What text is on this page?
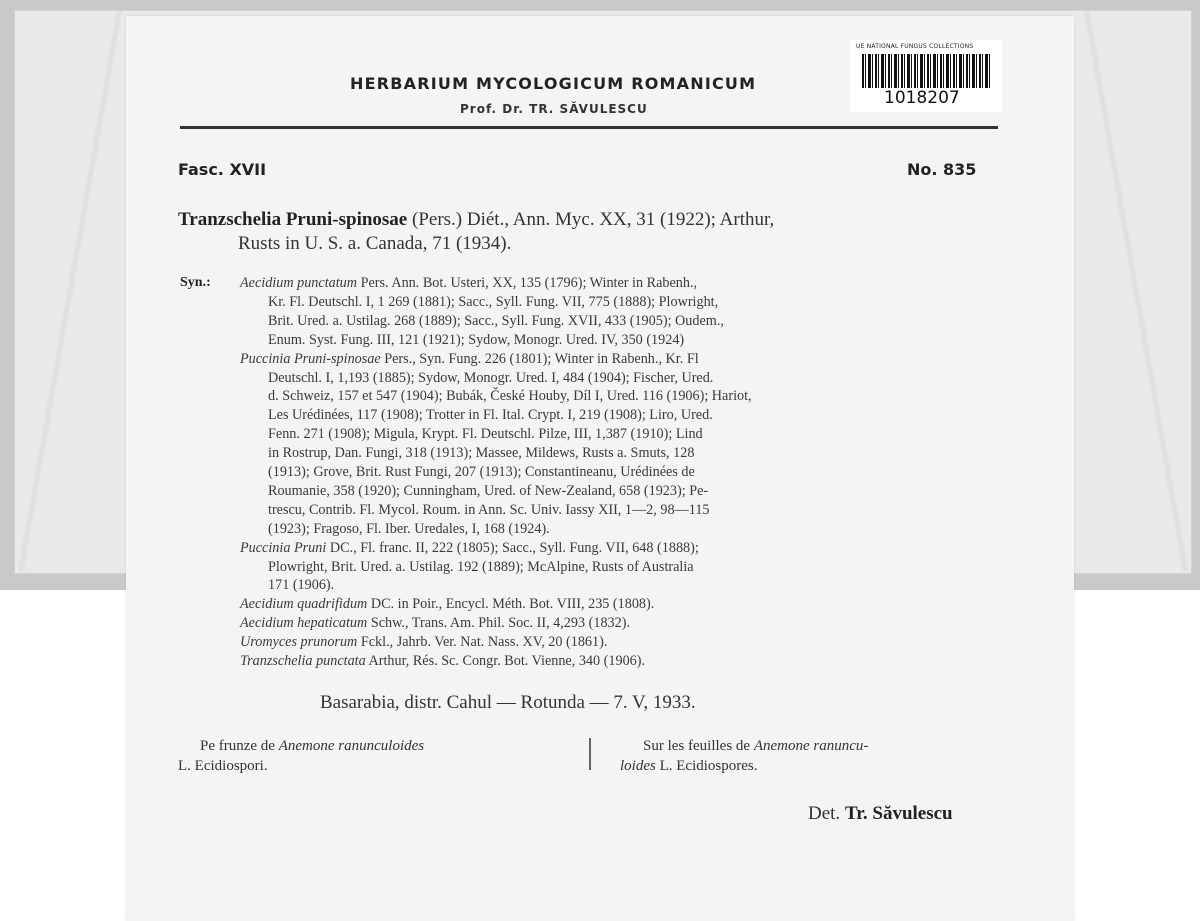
HERBARIUM MYCOLOGICUM ROMANICUM
Prof. Dr. TR. SĂVULESCU
UE NATIONAL FUNGUS COLLECTIONS
1018207
Fasc. XVII	No. 835
Tranzschelia Pruni-spinosae (Pers.) Diét., Ann. Myc. XX, 31 (1922); Arthur,
Rusts in U. S. a. Canada, 71 (1934).
Syn.: Aecidium punctatum Pers. Ann. Bot. Usteri, XX, 135 (1796); Winter in Rabenh.,
Kr. Fl. Deutschl. I, 1 269 (1881); Sacc., Syll. Fung. VII, 775 (1888); Plowright,
Brit. Ured. a. Ustilag. 268 (1889); Sacc., Syll. Fung. XVII, 433 (1905); Oudem.,
Enum. Syst. Fung. III, 121 (1921); Sydow, Monogr. Ured. IV, 350 (1924)
Puccinia Pruni-spinosae Pers., Syn. Fung. 226 (1801); Winter in Rabenh., Kr. Fl
Deutschl. I, 1,193 (1885); Sydow, Monogr. Ured. I, 484 (1904); Fischer, Ured.
d. Schweiz, 157 et 547 (1904); Bubák, České Houby, Díl I, Ured. 116 (1906); Hariot,
Les Urédinées, 117 (1908); Trotter in Fl. Ital. Crypt. I, 219 (1908); Liro, Ured.
Fenn. 271 (1908); Migula, Krypt. Fl. Deutschl. Pilze, III, 1,387 (1910); Lind
in Rostrup, Dan. Fungi, 318 (1913); Massee, Mildews, Rusts a. Smuts, 128
(1913); Grove, Brit. Rust Fungi, 207 (1913); Constantineanu, Urédinées de
Roumanie, 358 (1920); Cunningham, Ured. of New-Zealand, 658 (1923); Pe-
trescu, Contrib. Fl. Mycol. Roum. in Ann. Sc. Univ. Iassy XII, 1—2, 98—115
(1923); Fragoso, Fl. Iber. Uredales, I, 168 (1924).
Puccinia Pruni DC., Fl. franc. II, 222 (1805); Sacc., Syll. Fung. VII, 648 (1888);
Plowright, Brit. Ured. a. Ustilag. 192 (1889); McAlpine, Rusts of Australia
171 (1906).
Aecidium quadrifidum DC. in Poir., Encycl. Méth. Bot. VIII, 235 (1808).
Aecidium hepaticatum Schw., Trans. Am. Phil. Soc. II, 4,293 (1832).
Uromyces prunorum Fckl., Jahrb. Ver. Nat. Nass. XV, 20 (1861).
Tranzschelia punctata Arthur, Rés. Sc. Congr. Bot. Vienne, 340 (1906).
Basarabia, distr. Cahul — Rotunda — 7. V, 1933.
Pe frunze de Anemone ranunculoides
L. Ecidiospori.
Sur les feuilles de Anemone ranuncu-
loides L. Ecidiospores.
Det. Tr. Săvulescu
